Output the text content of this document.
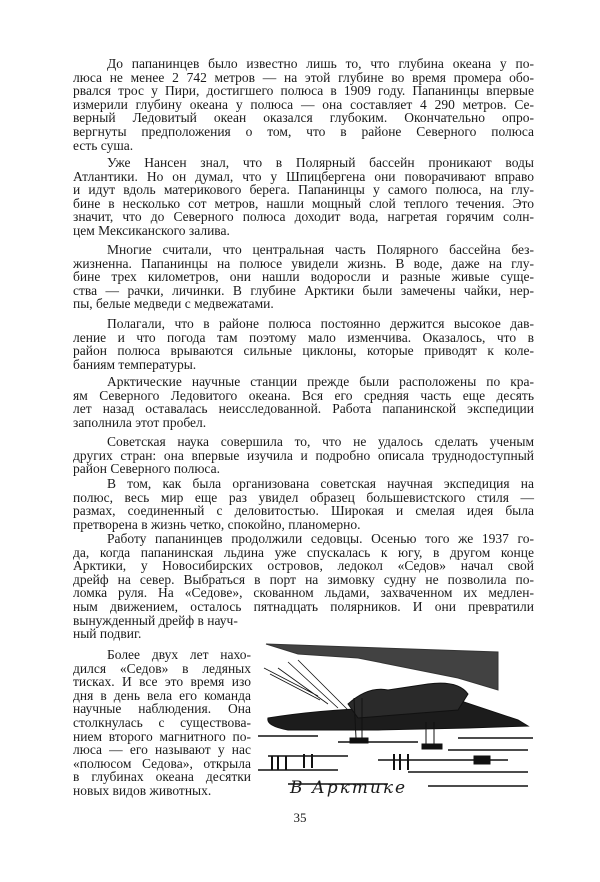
До папанинцев было известно лишь то, что глубина океана у по-
люса не менее 2 742 метров — на этой глубине во время промера обо-
рвался трос у Пири, достигшего полюса в 1909 году. Папанинцы впервые
измерили глубину океана у полюса — она составляет 4 290 метров. Се-
верный Ледовитый океан оказался глубоким. Окончательно опро-
вергнуты предположения о том, что в районе Северного полюса
есть суша.
Уже Нансен знал, что в Полярный бассейн проникают воды
Атлантики. Но он думал, что у Шпицбергена они поворачивают вправо
и идут вдоль материкового берега. Папанинцы у самого полюса, на глу-
бине в несколько сот метров, нашли мощный слой теплого течения. Это
значит, что до Северного полюса доходит вода, нагретая горячим солн-
цем Мексиканского залива.
Многие считали, что центральная часть Полярного бассейна без-
жизненна. Папанинцы на полюсе увидели жизнь. В воде, даже на глу-
бине трех километров, они нашли водоросли и разные живые суще-
ства — рачки, личинки. В глубине Арктики были замечены чайки, нер-
пы, белые медведи с медвежатами.
Полагали, что в районе полюса постоянно держится высокое дав-
ление и что погода там поэтому мало изменчива. Оказалось, что в
район полюса врываются сильные циклоны, которые приводят к коле-
баниям температуры.
Арктические научные станции прежде были расположены по кра-
ям Северного Ледовитого океана. Вся его средняя часть еще десять
лет назад оставалась неисследованной. Работа папанинской экспедиции
заполнила этот пробел.
Советская наука совершила то, что не удалось сделать ученым
других стран: она впервые изучила и подробно описала труднодоступный
район Северного полюса.
В том, как была организована советская научная экспедиция на
полюс, весь мир еще раз увидел образец большевистского стиля —
размах, соединенный с деловитостью. Широкая и смелая идея была
претворена в жизнь четко, спокойно, планомерно.
Работу папанинцев продолжили седовцы. Осенью того же 1937 го-
да, когда папанинская льдина уже спускалась к югу, в другом конце
Арктики, у Новосибирских островов, ледокол «Седов» начал свой
дрейф на север. Выбраться в порт на зимовку судну не позволила по-
ломка руля. На «Седове», скованном льдами, захваченном их медлен-
ным движением, осталось пятнадцать полярников. И они превратили
вынужденный дрейф в науч-
ный подвиг.
Более двух лет нахо-
дился «Седов» в ледяных
тисках. И все это время изо
дня в день вела его команда
научные наблюдения. Она
столкнулась с существова-
нием второго магнитного по-
люса — его называют у нас
«полюсом Седова», открыла
в глубинах океана десятки
новых видов животных.	В Арктике
35
